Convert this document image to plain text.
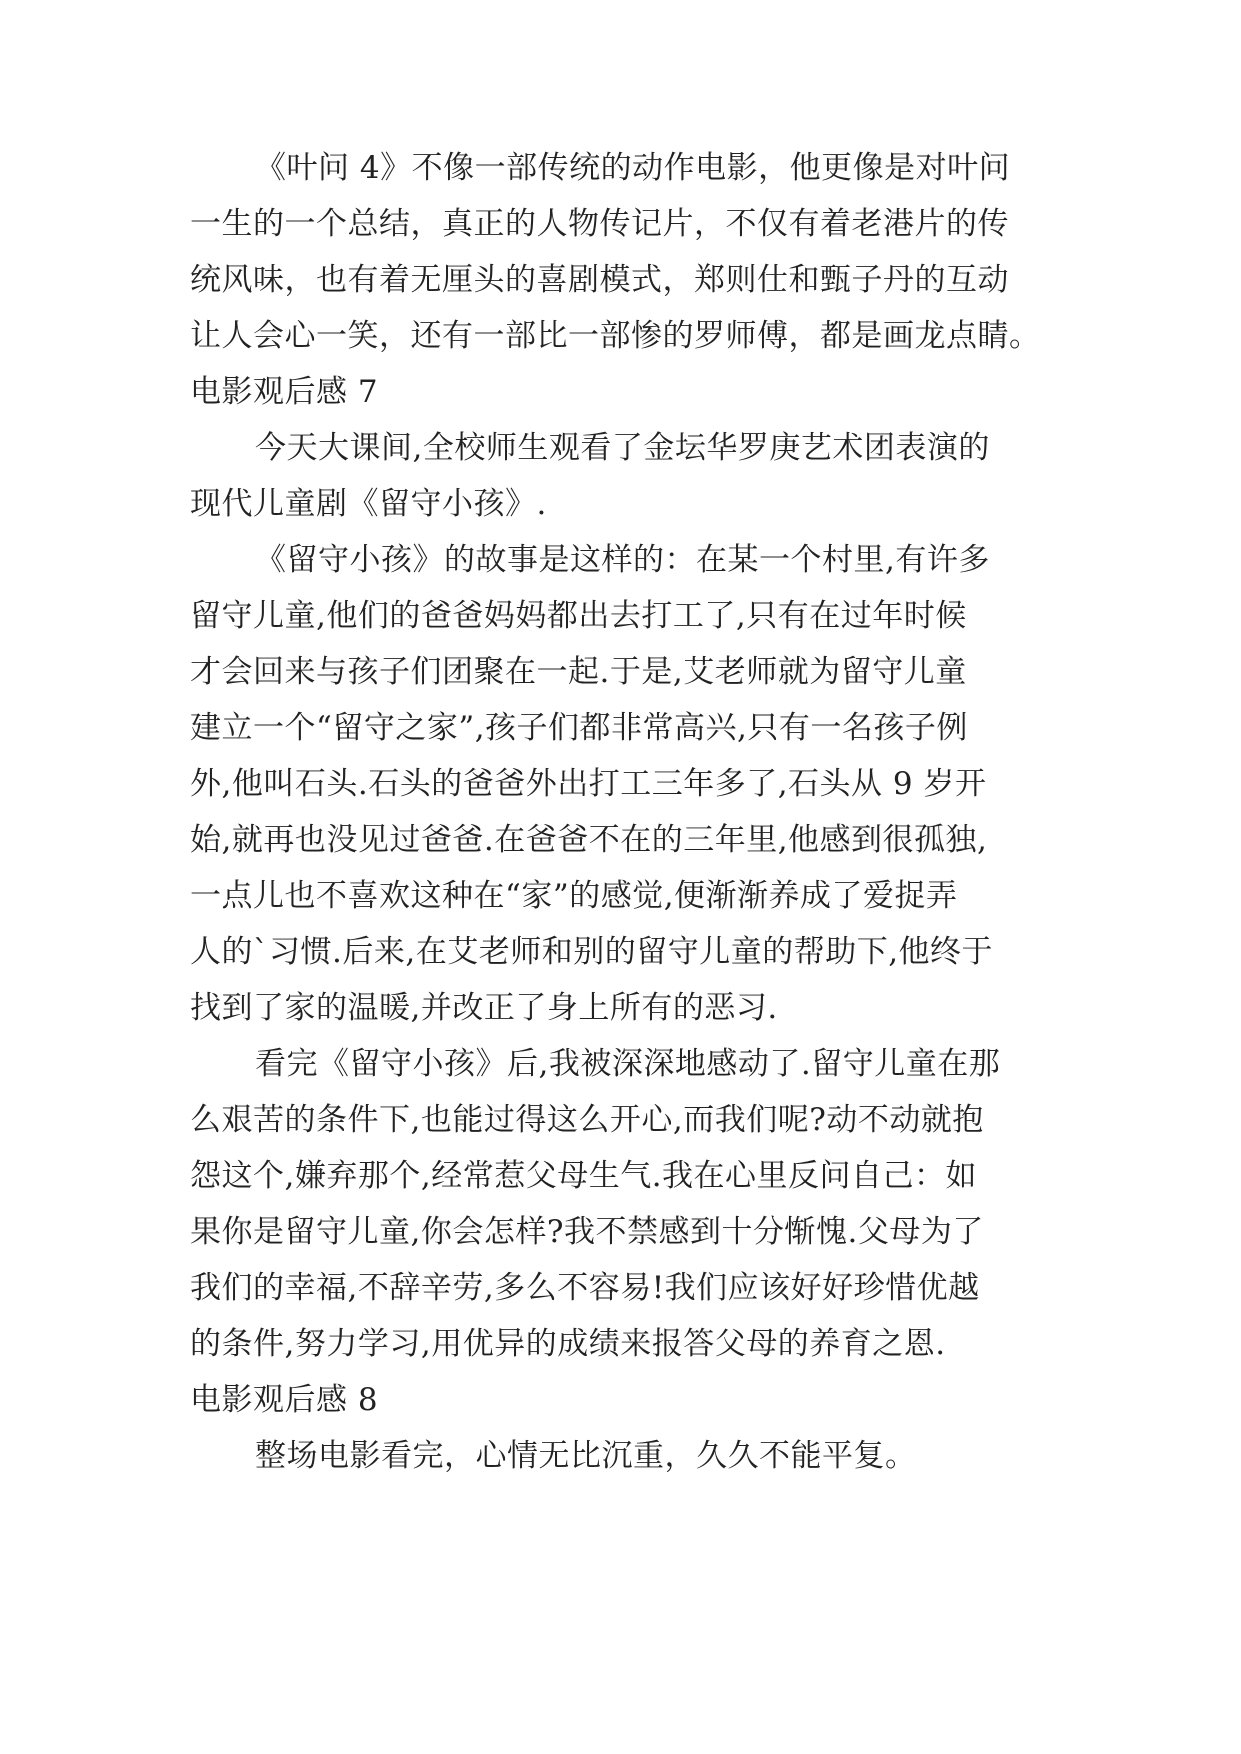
《叶问 4》不像一部传统的动作电影，他更像是对叶问
一生的一个总结，真正的人物传记片，不仅有着老港片的传
统风味，也有着无厘头的喜剧模式，郑则仕和甄子丹的互动
让人会心一笑，还有一部比一部惨的罗师傅，都是画龙点睛。
电影观后感 7
今天大课间,全校师生观看了金坛华罗庚艺术团表演的
现代儿童剧《留守小孩》.
《留守小孩》的故事是这样的：在某一个村里,有许多
留守儿童,他们的爸爸妈妈都出去打工了,只有在过年时候
才会回来与孩子们团聚在一起.于是,艾老师就为留守儿童
建立一个“留守之家”,孩子们都非常高兴,只有一名孩子例
外,他叫石头.石头的爸爸外出打工三年多了,石头从 9 岁开
始,就再也没见过爸爸.在爸爸不在的三年里,他感到很孤独,
一点儿也不喜欢这种在“家”的感觉,便渐渐养成了爱捉弄
人的`习惯.后来,在艾老师和别的留守儿童的帮助下,他终于
找到了家的温暖,并改正了身上所有的恶习.
看完《留守小孩》后,我被深深地感动了.留守儿童在那
么艰苦的条件下,也能过得这么开心,而我们呢?动不动就抱
怨这个,嫌弃那个,经常惹父母生气.我在心里反问自己：如
果你是留守儿童,你会怎样?我不禁感到十分惭愧.父母为了
我们的幸福,不辞辛劳,多么不容易!我们应该好好珍惜优越
的条件,努力学习,用优异的成绩来报答父母的养育之恩.
电影观后感 8
整场电影看完，心情无比沉重，久久不能平复。
